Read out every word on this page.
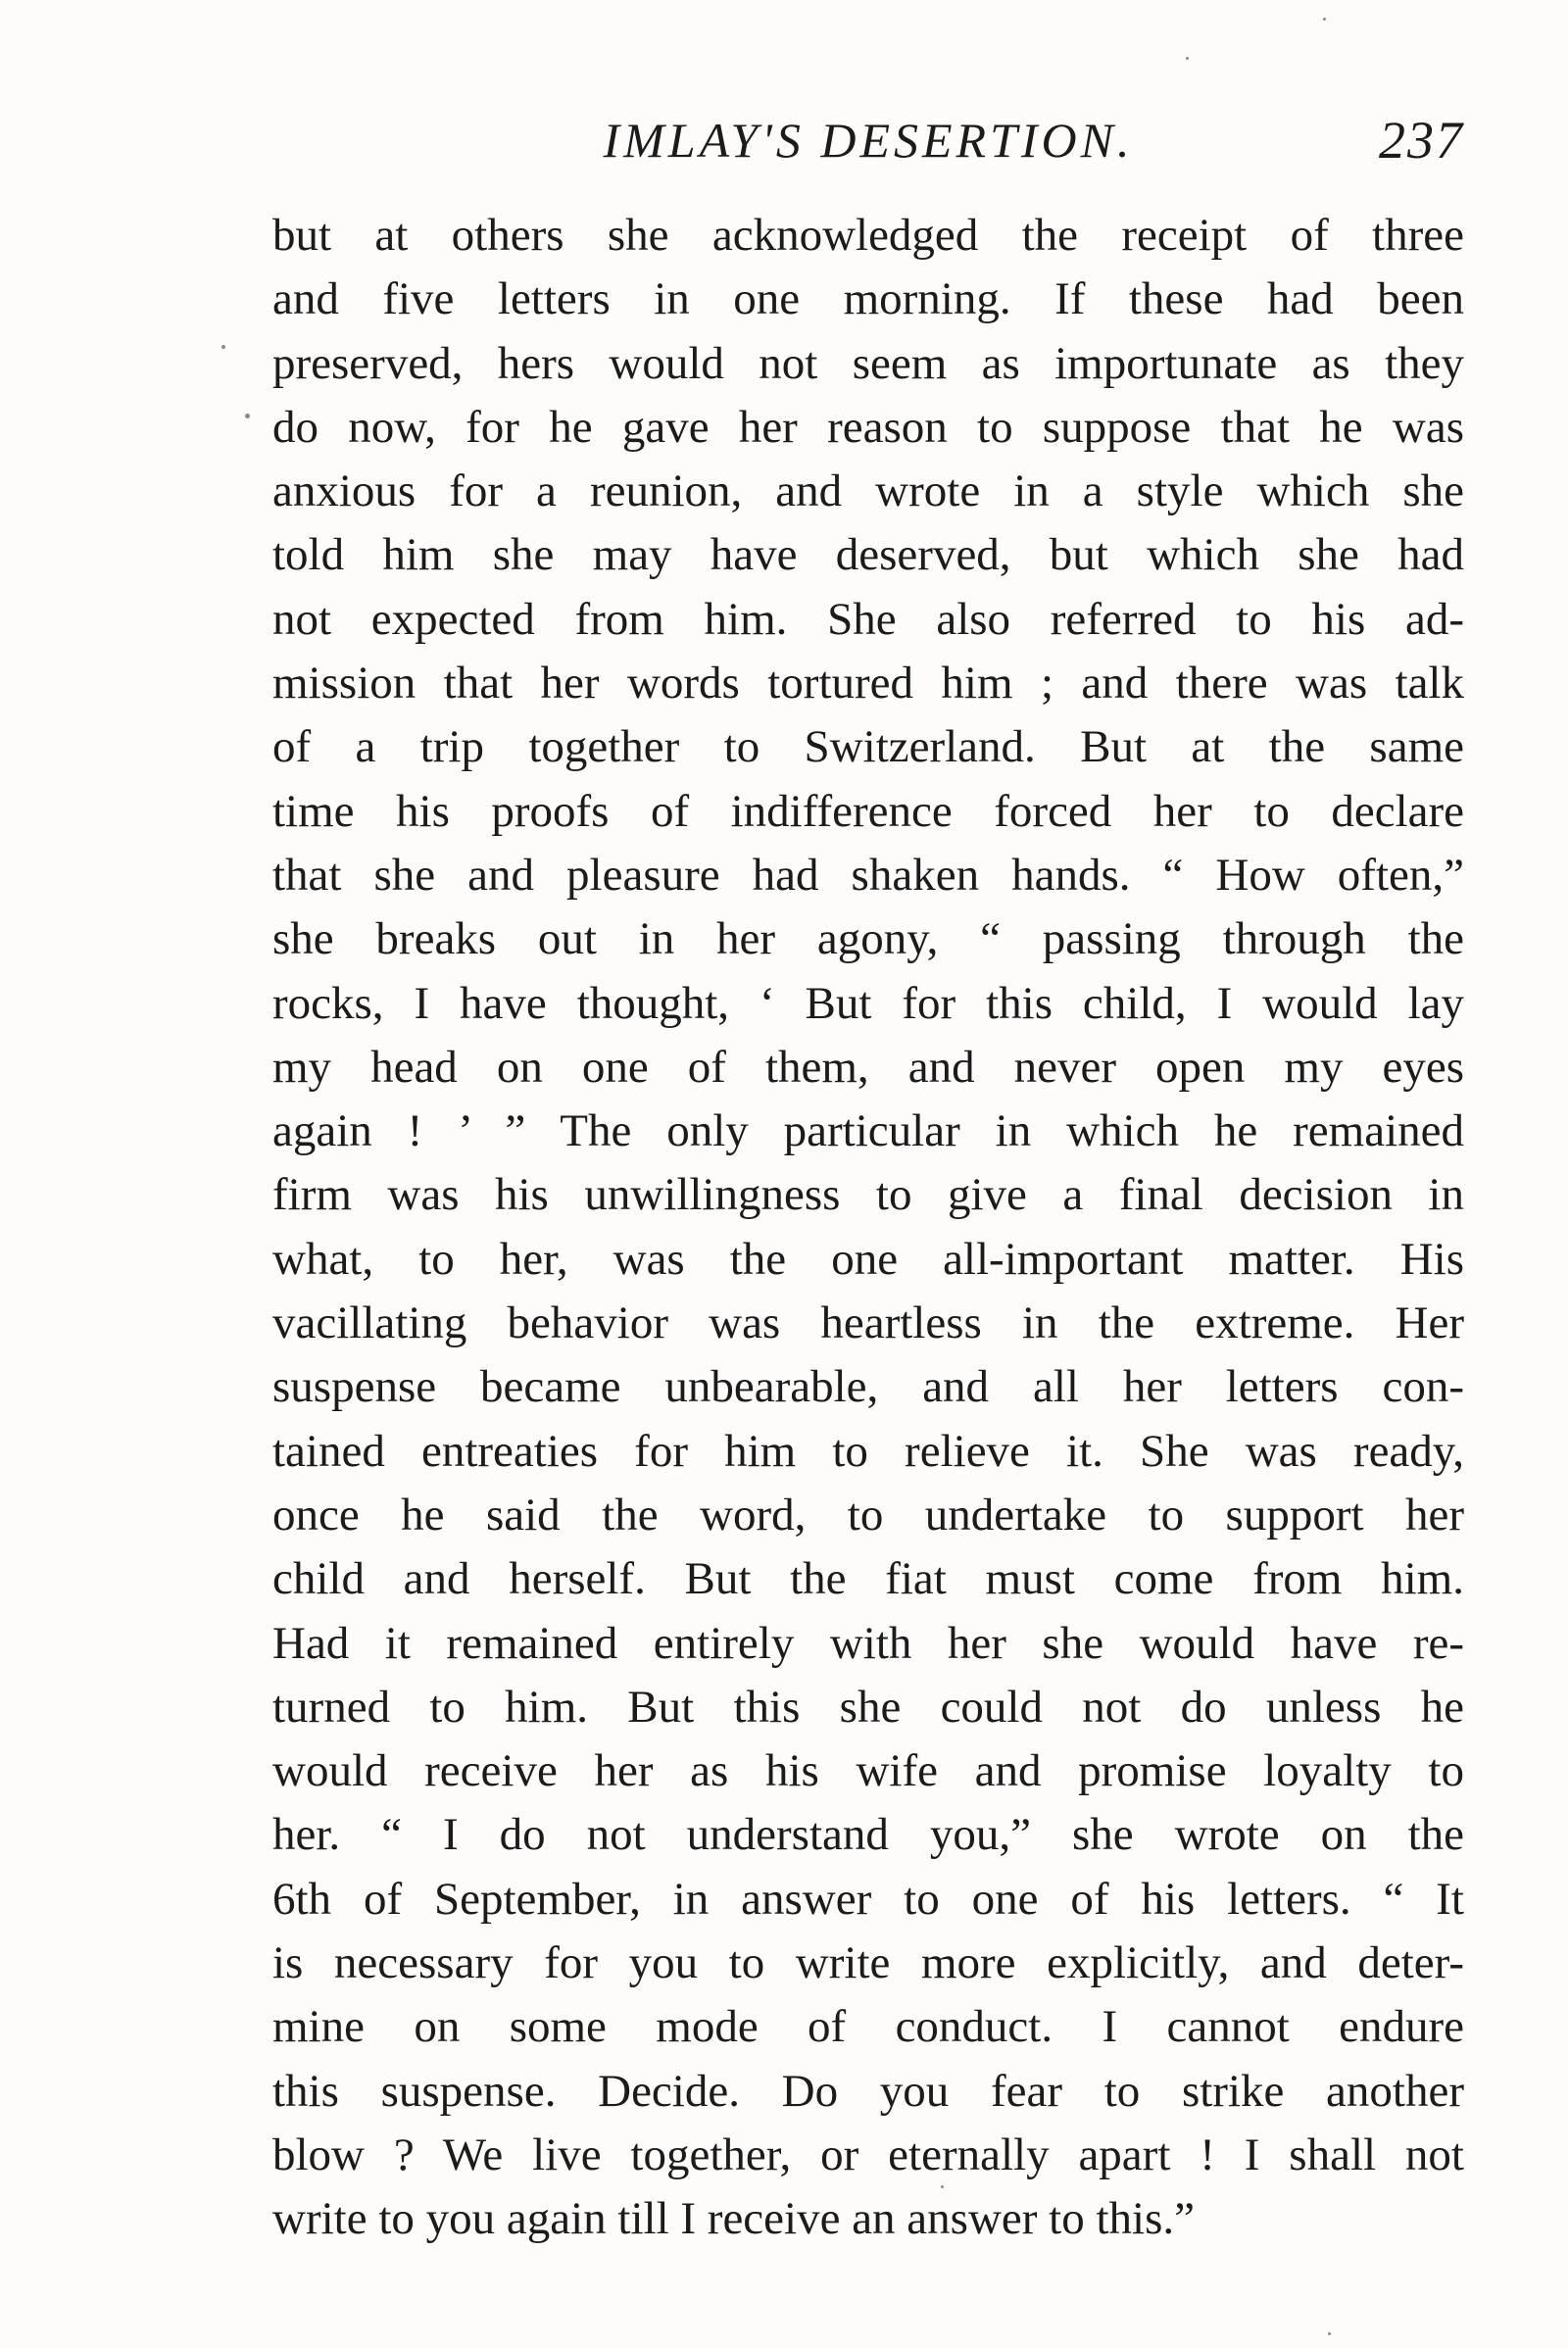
IMLAY'S DESERTION.	237
but at others she acknowledged the receipt of three
and five letters in one morning. If these had been
preserved, hers would not seem as importunate as they
do now, for he gave her reason to suppose that he was
anxious for a reunion, and wrote in a style which she
told him she may have deserved, but which she had
not expected from him. She also referred to his ad-
mission that her words tortured him ; and there was talk
of a trip together to Switzerland. But at the same
time his proofs of indifference forced her to declare
that she and pleasure had shaken hands. “ How often,”
she breaks out in her agony, “ passing through the
rocks, I have thought, ‘ But for this child, I would lay
my head on one of them, and never open my eyes
again ! ’ ” The only particular in which he remained
firm was his unwillingness to give a final decision in
what, to her, was the one all-important matter. His
vacillating behavior was heartless in the extreme. Her
suspense became unbearable, and all her letters con-
tained entreaties for him to relieve it. She was ready,
once he said the word, to undertake to support her
child and herself. But the fiat must come from him.
Had it remained entirely with her she would have re-
turned to him. But this she could not do unless he
would receive her as his wife and promise loyalty to
her. “ I do not understand you,” she wrote on the
6th of September, in answer to one of his letters. “ It
is necessary for you to write more explicitly, and deter-
mine on some mode of conduct. I cannot endure
this suspense. Decide. Do you fear to strike another
blow ? We live together, or eternally apart ! I shall not
write to you again till I receive an answer to this.”
